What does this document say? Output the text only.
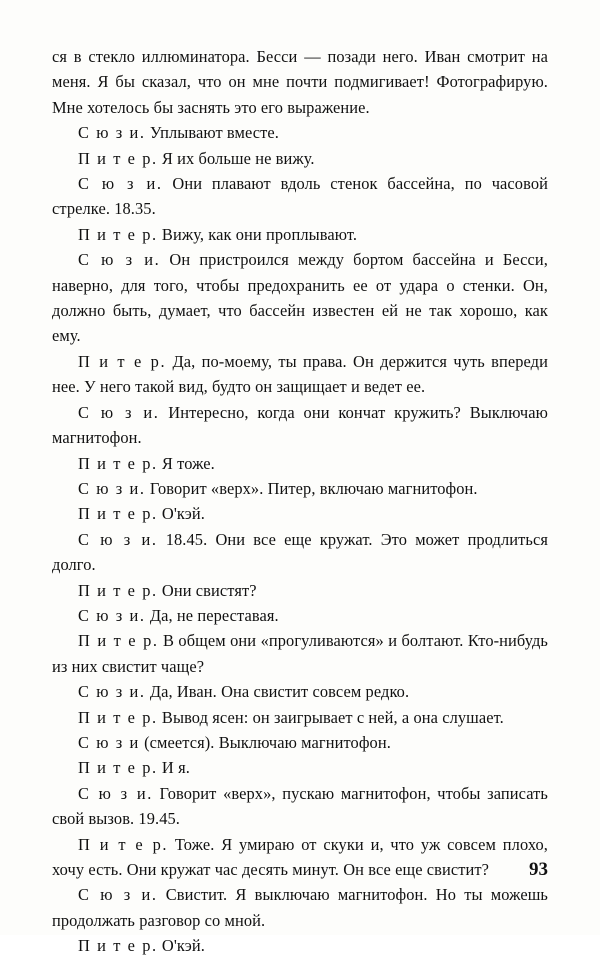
ся в стекло иллюминатора. Бесси — позади него. Иван смотрит на меня. Я бы сказал, что он мне почти подмигивает! Фотографирую. Мне хотелось бы заснять это его выражение.

С ю з и. Уплывают вместе.

П и т е р. Я их больше не вижу.

С ю з и. Они плавают вдоль стенок бассейна, по часовой стрелке. 18.35.

П и т е р. Вижу, как они проплывают.

С ю з и. Он пристроился между бортом бассейна и Бесси, наверно, для того, чтобы предохранить ее от удара о стенки. Он, должно быть, думает, что бассейн известен ей не так хорошо, как ему.

П и т е р. Да, по-моему, ты права. Он держится чуть впереди нее. У него такой вид, будто он защищает и ведет ее.

С ю з и. Интересно, когда они кончат кружить? Выключаю магнитофон.

П и т е р. Я тоже.

С ю з и. Говорит «верх». Питер, включаю магнитофон.

П и т е р. О'кэй.

С ю з и. 18.45. Они все еще кружат. Это может продлиться долго.

П и т е р. Они свистят?

С ю з и. Да, не переставая.

П и т е р. В общем они «прогуливаются» и болтают. Кто-нибудь из них свистит чаще?

С ю з и. Да, Иван. Она свистит совсем редко.

П и т е р. Вывод ясен: он заигрывает с ней, а она слушает.

С ю з и (смеется). Выключаю магнитофон.

П и т е р. И я.

С ю з и. Говорит «верх», пускаю магнитофон, чтобы записать свой вызов. 19.45.

П и т е р. Тоже. Я умираю от скуки и, что уж совсем плохо, хочу есть. Они кружат час десять минут. Он все еще свистит?

С ю з и. Свистит. Я выключаю магнитофон. Но ты можешь продолжать разговор со мной.

П и т е р. О'кэй.

93
